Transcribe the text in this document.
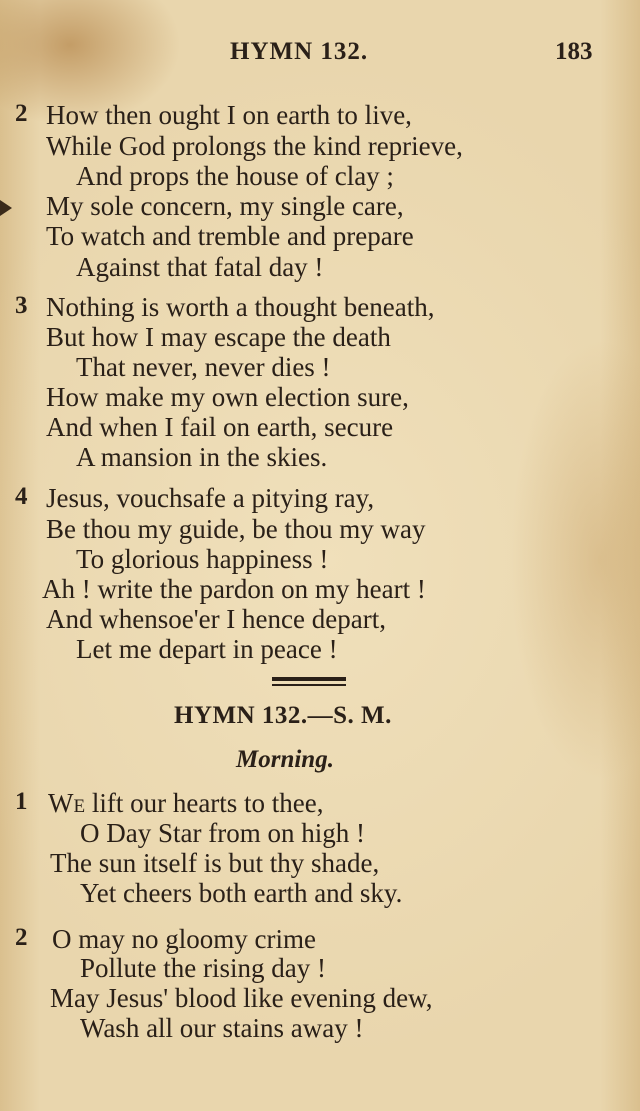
HYMN 132.	183
2 How then ought I on earth to live,
While God prolongs the kind reprieve,
And props the house of clay ;
My sole concern, my single care,
To watch and tremble and prepare
Against that fatal day !
3 Nothing is worth a thought beneath,
But how I may escape the death
That never, never dies !
How make my own election sure,
And when I fail on earth, secure
A mansion in the skies.
4 Jesus, vouchsafe a pitying ray,
Be thou my guide, be thou my way
To glorious happiness !
Ah ! write the pardon on my heart !
And whensoe'er I hence depart,
Let me depart in peace !
HYMN 132.—S. M.
Morning.
1 We lift our hearts to thee,
O Day Star from on high !
The sun itself is but thy shade,
Yet cheers both earth and sky.
2 O may no gloomy crime
Pollute the rising day !
May Jesus' blood like evening dew,
Wash all our stains away !
